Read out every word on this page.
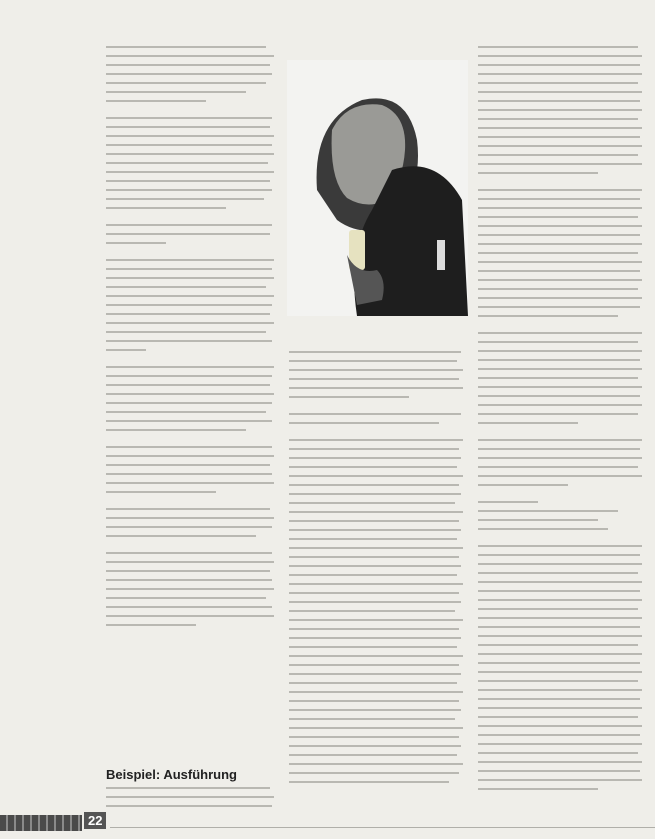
Beispiel: Ausführung
22
